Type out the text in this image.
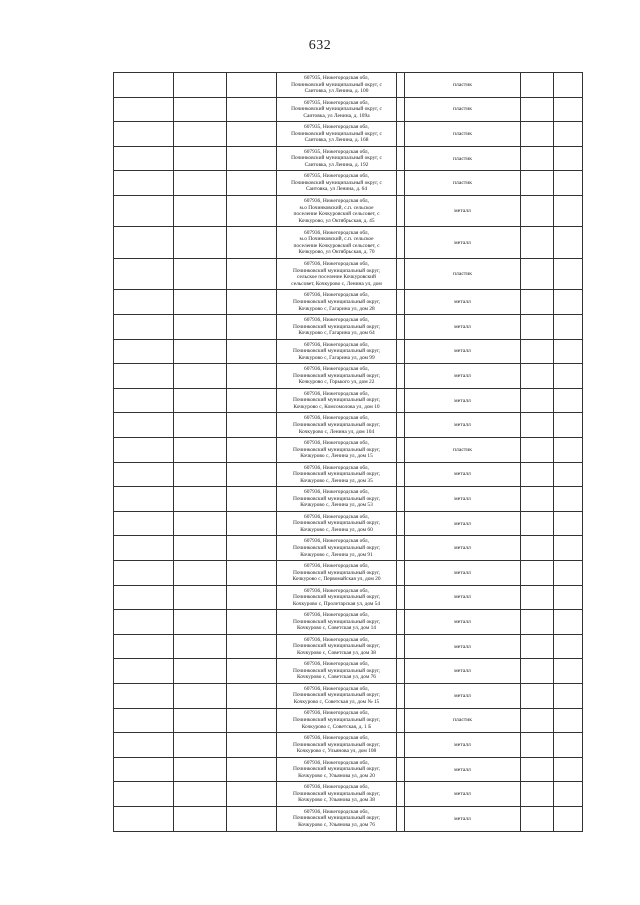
632

			607935, Нижегородская обл,
Починковский муниципальный округ, с
Саитовка, ул Ленина, д. 100		пластик		

			607935, Нижегородская обл,
Починковский муниципальный округ, с
Саитовка, ул Ленина, д. 109а		пластик		

			607935, Нижегородская обл,
Починковский муниципальный округ, с
Саитовка, ул Ленина, д. 168		пластик		

			607935, Нижегородская обл,
Починковский муниципальный округ, с
Саитовка, ул Ленина, д. 192		пластик		

			607935, Нижегородская обл,
Починковский муниципальный округ, с
Саитовка, ул Ленина, д. 64		пластик		

			607936, Нижегородская обл,
м.о Починковский, с.п. сельское
поселение Кочкуровский сельсовет, с
Кочкурово, ул Октябрьская, д. 45		металл		

			607936, Нижегородская обл,
м.о Починковский, с.п. сельское
поселение Кочкуровский сельсовет, с
Кочкурово, ул Октябрьская, д. 70		металл		

			607936, Нижегородская обл,
Починковский муниципальный округ,
сельское поселение Кочкуровский
сельсовет, Кочкурово с, Ленина ул, дом		пластик		

			607936, Нижегородская обл,
Починковский муниципальный округ,
Кочкурово с, Гагарина ул, дом 28		металл		

			607936, Нижегородская обл,
Починковский муниципальный округ,
Кочкурово с, Гагарина ул, дом 64		металл		

			607936, Нижегородская обл,
Починковский муниципальный округ,
Кочкурово с, Гагарина ул, дом 99		металл		

			607936, Нижегородская обл,
Починковский муниципальный округ,
Кочкурово с, Горького ул, дом 22		металл		

			607936, Нижегородская обл,
Починковский муниципальный округ,
Кочкурово с, Комсомолова ул, дом 10		металл		

			607936, Нижегородская обл,
Починковский муниципальный округ,
Кочкурово с, Ленина ул, дом 104		металл		

			607936, Нижегородская обл,
Починковский муниципальный округ,
Кочкурово с, Ленина ул, дом 15		пластик		

			607936, Нижегородская обл,
Починковский муниципальный округ,
Кочкурово с, Ленина ул, дом 35		металл		

			607936, Нижегородская обл,
Починковский муниципальный округ,
Кочкурово с, Ленина ул, дом 53		металл		

			607936, Нижегородская обл,
Починковский муниципальный округ,
Кочкурово с, Ленина ул, дом 60		металл		

			607936, Нижегородская обл,
Починковский муниципальный округ,
Кочкурово с, Ленина ул, дом 91		металл		

			607936, Нижегородская обл,
Починковский муниципальный округ,
Кочкурово с, Первомайская ул, дом 20		металл		

			607936, Нижегородская обл,
Починковский муниципальный округ,
Кочкурово с, Пролетарская ул, дом 54		металл		

			607936, Нижегородская обл,
Починковский муниципальный округ,
Кочкурово с, Советская ул, дом 14		металл		

			607936, Нижегородская обл,
Починковский муниципальный округ,
Кочкурово с, Советская ул, дом 38		металл		

			607936, Нижегородская обл,
Починковский муниципальный округ,
Кочкурово с, Советская ул, дом 76		металл		

			607936, Нижегородская обл,
Починковский муниципальный округ,
Кочкурово с, Советская ул, дом № 15		металл		

			607936, Нижегородская обл,
Починковский муниципальный округ,
Кочкурово с, Советская, д. 1 Б		пластик		

			607936, Нижегородская обл,
Починковский муниципальный округ,
Кочкурово с, Ульянова ул, дом 108		металл		

			607936, Нижегородская обл,
Починковский муниципальный округ,
Кочкурово с, Ульянова ул, дом 20		металл		

			607936, Нижегородская обл,
Починковский муниципальный округ,
Кочкурово с, Ульянова ул, дом 38		металл		

			607936, Нижегородская обл,
Починковский муниципальный округ,
Кочкурово с, Ульянова ул, дом 76		металл		
